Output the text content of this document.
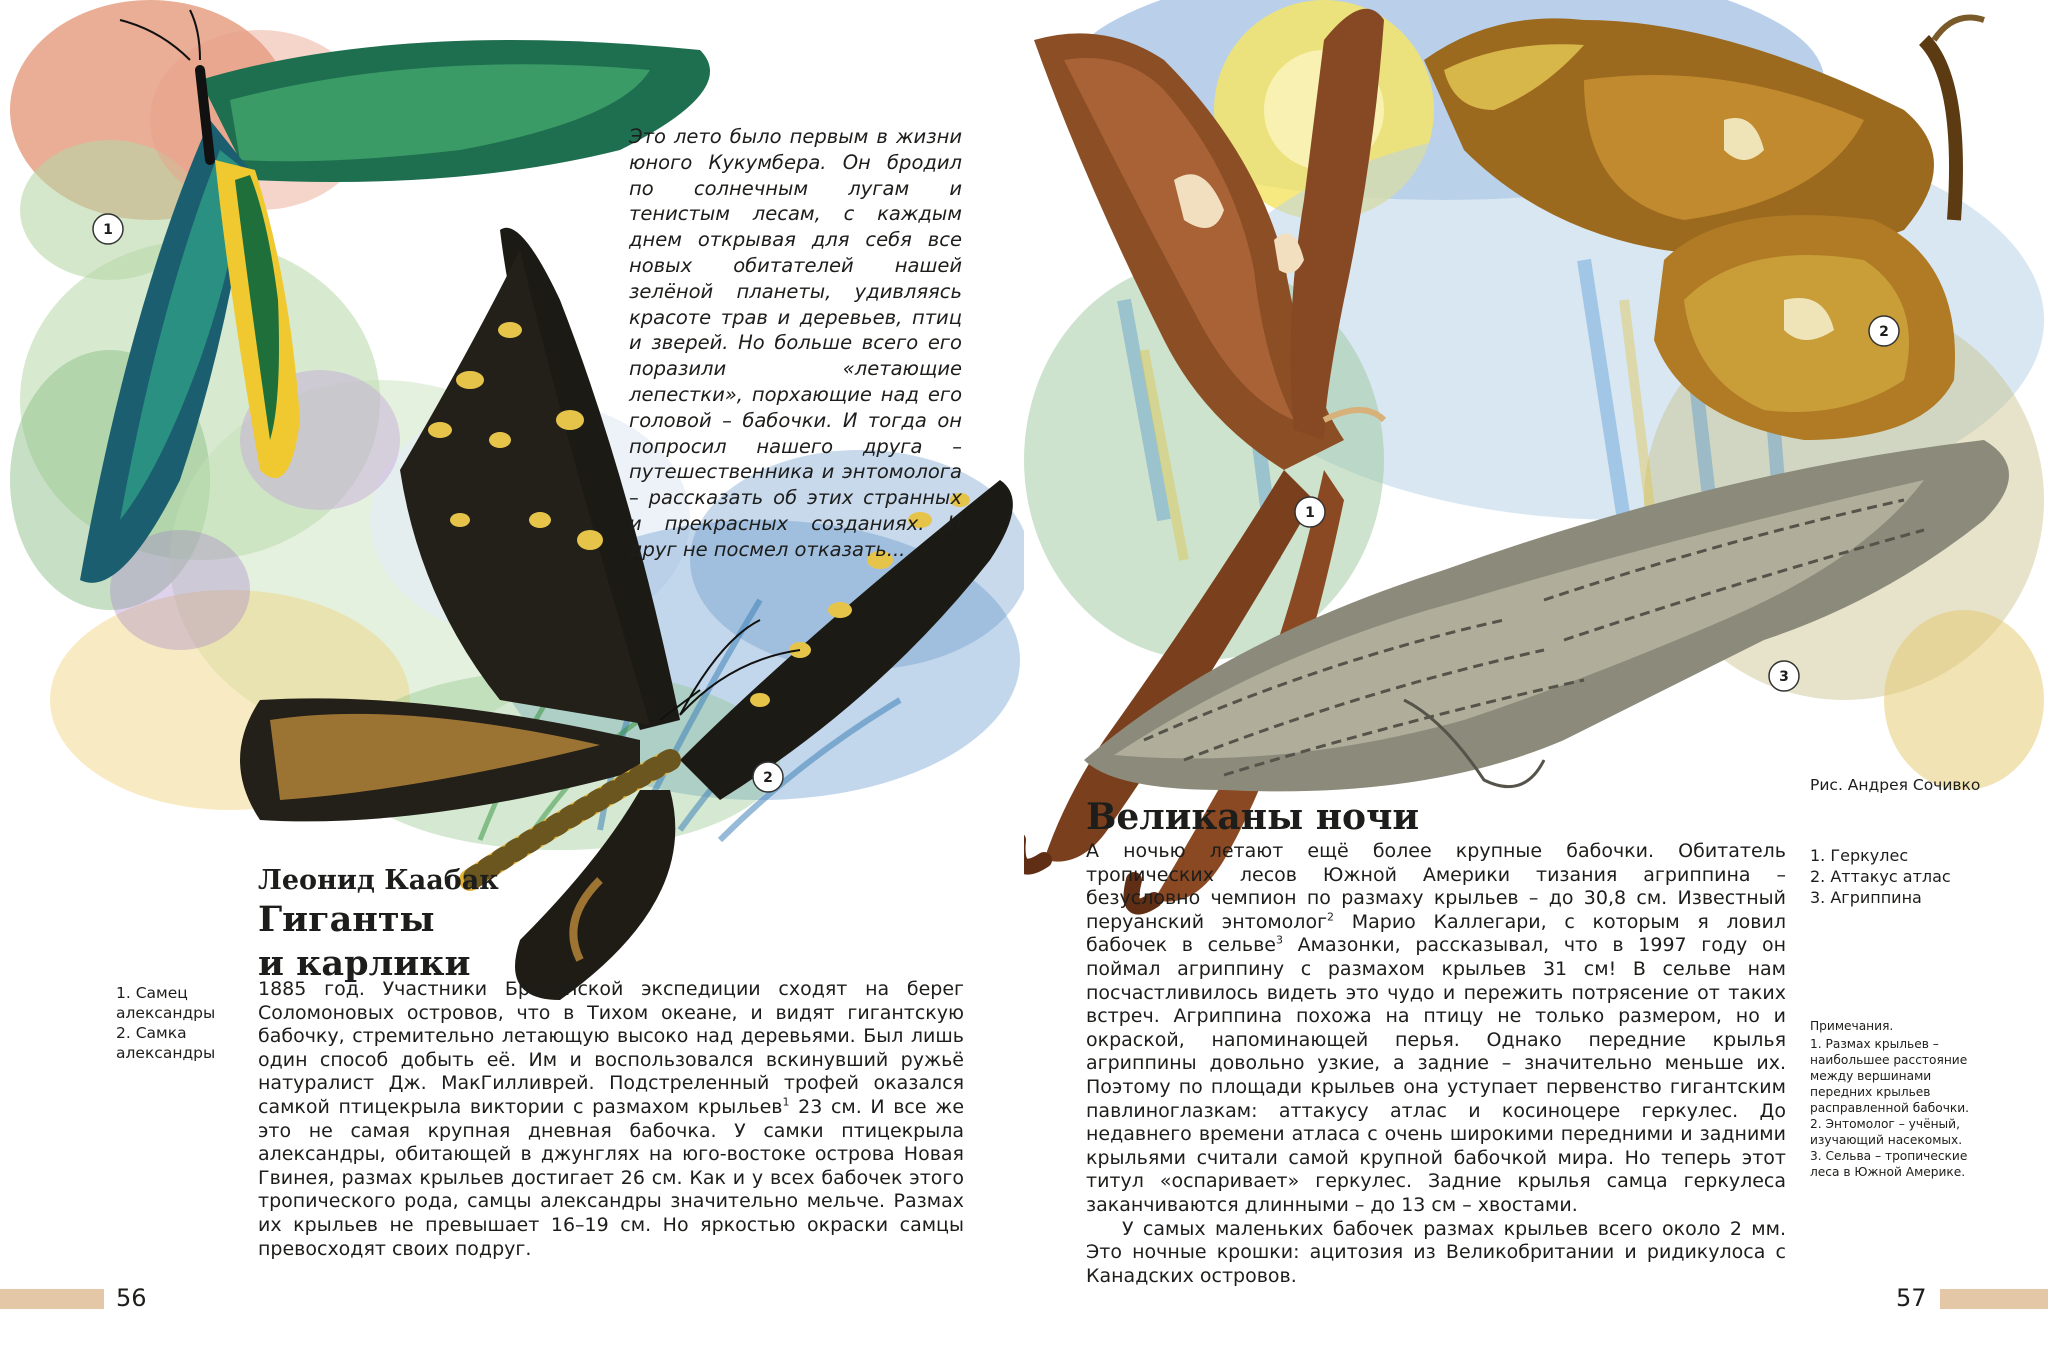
1
2
Это лето было первым в жизни юного Кукумбера. Он бродил по солнечным лугам и тенистым лесам, с каждым днем открывая для себя все новых обитателей нашей зелёной планеты, удивляясь красоте трав и деревьев, птиц и зверей. Но больше всего его поразили «летающие лепестки», порхающие над его головой – бабочки. И тогда он попросил нашего друга – путешественника и энтомолога – рассказать об этих странных и прекрасных созданиях. И друг не посмел отказать...
Леонид Каабак
Гиганты
и карлики
1. Самец александры
2. Самка александры

1885 год. Участники Британской экспедиции сходят на берег Соломоновых островов, что в Тихом океане, и видят гигантскую бабочку, стремительно летающую высоко над деревьями. Был лишь один способ добыть её. Им и воспользовался вскинувший ружьё натуралист Дж. МакГилливрей. Подстреленный трофей оказался самкой птицекрыла виктории с размахом крыльев$^1$ 23 см. И все же это не самая крупная дневная бабочка. У самки птицекрыла александры, обитающей в джунглях на юго-востоке острова Новая Гвинея, размах крыльев достигает 26 см. Как и у всех бабочек этого тропического рода, самцы александры значительно мельче. Размах их крыльев не превышает 16–19 см. Но яркостью окраски самцы превосходят своих подруг.

56
1
2
3
Рис. Андрея Сочивко
Великаны ночи

А ночью летают ещё более крупные бабочки. Обитатель тропических лесов Южной Америки тизания агриппина – безусловно чемпион по размаху крыльев – до 30,8 см. Известный перуанский энтомолог$^2$ Марио Каллегари, с которым я ловил бабочек в сельве$^3$ Амазонки, рассказывал, что в 1997 году он поймал агриппину с размахом крыльев 31 см! В сельве нам посчастливилось видеть это чудо и пережить потрясение от таких встреч. Агриппина похожа на птицу не только размером, но и окраской, напоминающей перья. Однако передние крылья агриппины довольно узкие, а задние – значительно меньше их. Поэтому по площади крыльев она уступает первенство гигантским павлиноглазкам: аттакусу атлас и косиноцере геркулес. До недавнего времени атласа с очень широкими передними и задними крыльями считали самой крупной бабочкой мира. Но теперь этот титул «оспаривает» геркулес. Задние крылья самца геркулеса заканчиваются длинными – до 13 см – хвостами.

У самых маленьких бабочек размах крыльев всего около 2 мм. Это ночные крошки: ацитозия из Великобритании и ридикулоса с Канадских островов.

1. Геркулес
2. Аттакус атлас
3. Агриппина
Примечания.
1. Размах крыльев – наибольшее расстояние между вершинами передних крыльев расправленной бабочки.
2. Энтомолог – учёный, изучающий насекомых.
3. Сельва – тропические леса в Южной Америке.
57
